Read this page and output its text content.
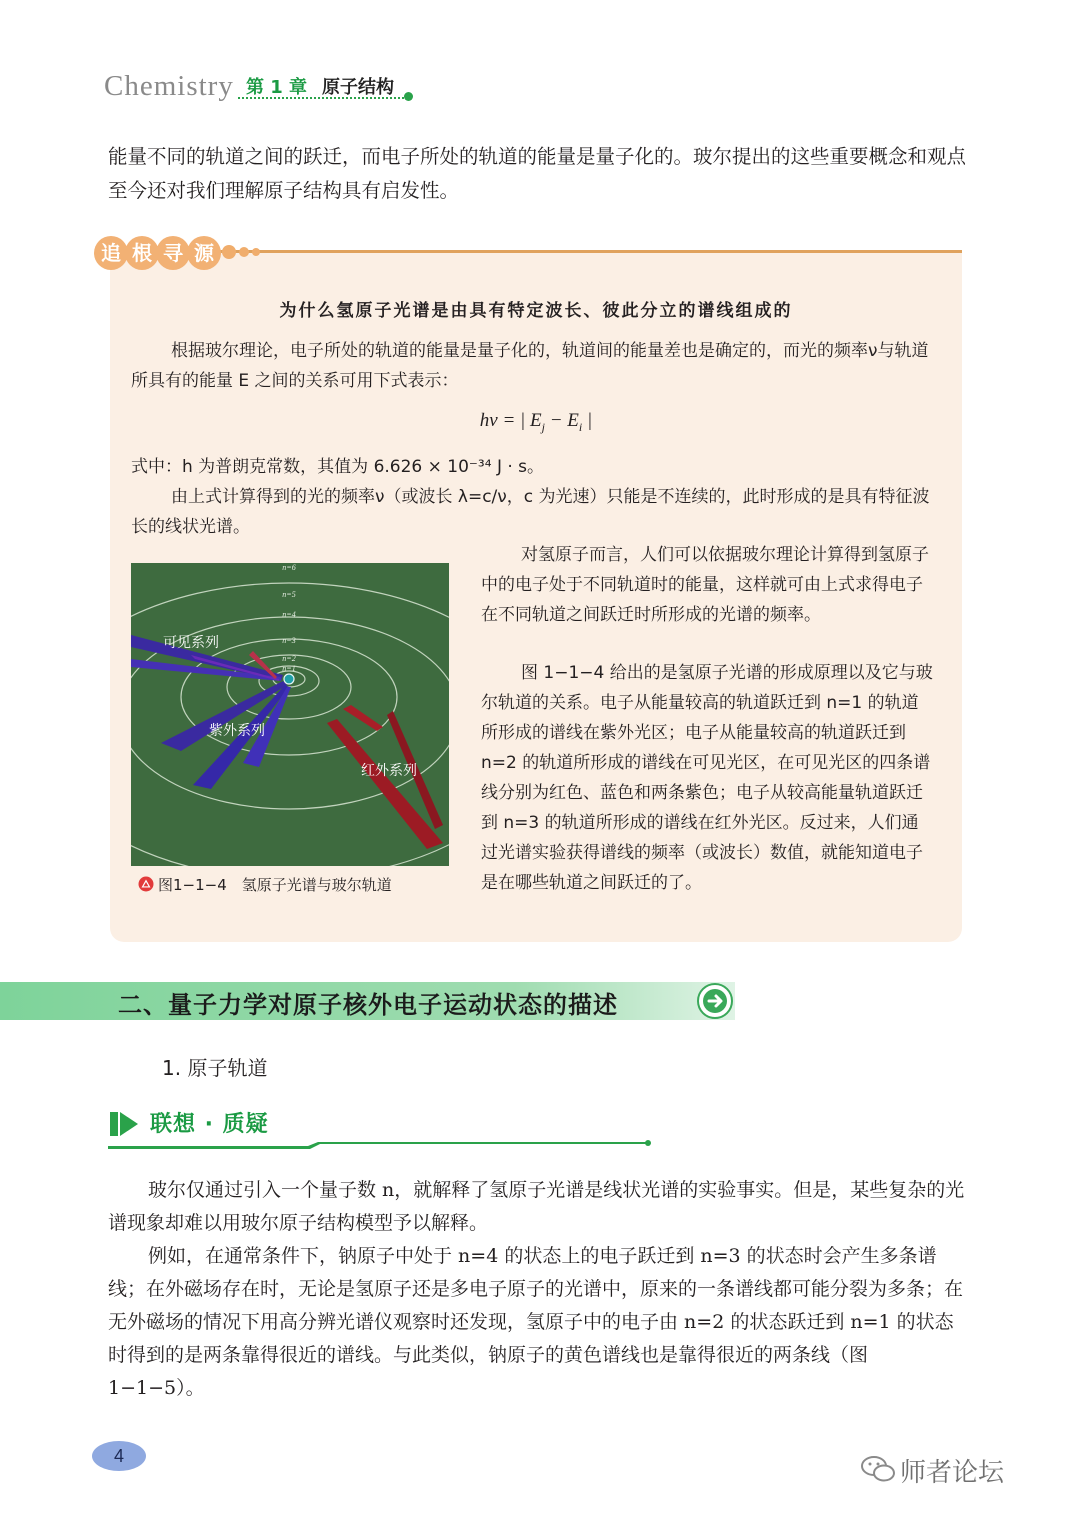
Chemistry 第 1 章 原子结构

能量不同的轨道之间的跃迁，而电子所处的轨道的能量是量子化的。玻尔提出的这些重要概念和观点至今还对我们理解原子结构具有启发性。

追 根 寻 源
为什么氢原子光谱是由具有特定波长、彼此分立的谱线组成的

根据玻尔理论，电子所处的轨道的能量是量子化的，轨道间的能量差也是确定的，而光的频率ν与轨道所具有的能量 E 之间的关系可用下式表示：

hν = | $E_j - E_i$ |

式中：h 为普朗克常数，其值为 6.626 × 10⁻³⁴ J · s。

由上式计算得到的光的频率ν（或波长 λ=c/ν，c 为光速）只能是不连续的，此时形成的是具有特征波长的线状光谱。

对氢原子而言，人们可以依据玻尔理论计算得到氢原子中的电子处于不同轨道时的能量，这样就可由上式求得电子在不同轨道之间跃迁时所形成的光谱的频率。

图 1−1−4 给出的是氢原子光谱的形成原理以及它与玻尔轨道的关系。电子从能量较高的轨道跃迁到 n=1 的轨道所形成的谱线在紫外光区；电子从能量较高的轨道跃迁到 n=2 的轨道所形成的谱线在可见光区，在可见光区的四条谱线分别为红色、蓝色和两条紫色；电子从较高能量轨道跃迁到 n=3 的轨道所形成的谱线在红外光区。反过来，人们通过光谱实验获得谱线的频率（或波长）数值，就能知道电子是在哪些轨道之间跃迁的了。

n=6
n=5
n=4
n=3
n=2
n=1
可见系列
紫外系列
红外系列
图1−1−4　氢原子光谱与玻尔轨道
二、量子力学对原子核外电子运动状态的描述
1. 原子轨道
联想 · 质疑

玻尔仅通过引入一个量子数 n，就解释了氢原子光谱是线状光谱的实验事实。但是，某些复杂的光谱现象却难以用玻尔原子结构模型予以解释。

例如，在通常条件下，钠原子中处于 n=4 的状态上的电子跃迁到 n=3 的状态时会产生多条谱线；在外磁场存在时，无论是氢原子还是多电子原子的光谱中，原来的一条谱线都可能分裂为多条；在无外磁场的情况下用高分辨光谱仪观察时还发现，氢原子中的电子由 n=2 的状态跃迁到 n=1 的状态时得到的是两条靠得很近的谱线。与此类似，钠原子的黄色谱线也是靠得很近的两条线（图 1−1−5）。

4
师者论坛
